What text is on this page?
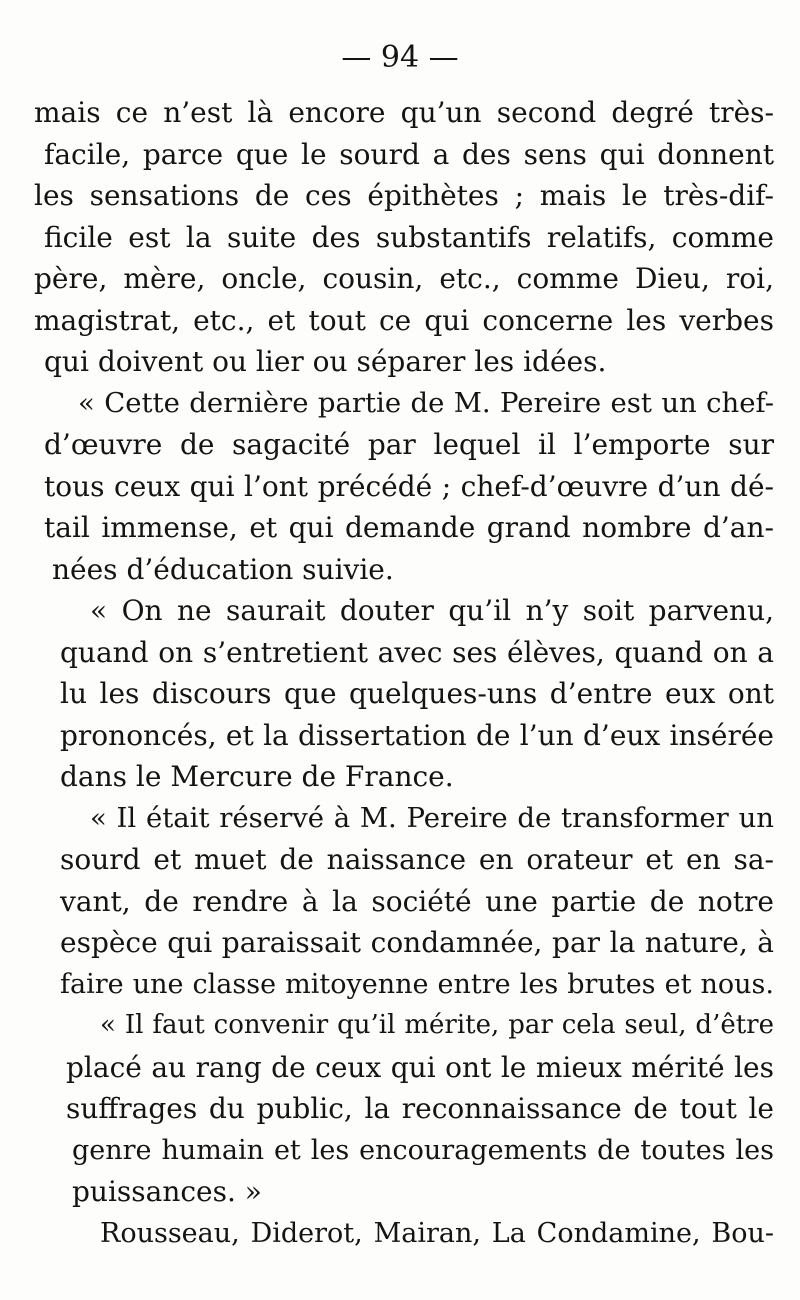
— 94 —
mais ce n’est là encore qu’un second degré très-
facile, parce que le sourd a des sens qui donnent
les sensations de ces épithètes ; mais le très-dif-
ficile est la suite des substantifs relatifs, comme
père, mère, oncle, cousin, etc., comme Dieu, roi,
magistrat, etc., et tout ce qui concerne les verbes
qui doivent ou lier ou séparer les idées.
« Cette dernière partie de M. Pereire est un chef-
d’œuvre de sagacité par lequel il l’emporte sur
tous ceux qui l’ont précédé ; chef-d’œuvre d’un dé-
tail immense, et qui demande grand nombre d’an-
nées d’éducation suivie.
« On ne saurait douter qu’il n’y soit parvenu,
quand on s’entretient avec ses élèves, quand on a
lu les discours que quelques-uns d’entre eux ont
prononcés, et la dissertation de l’un d’eux insérée
dans le Mercure de France.
« Il était réservé à M. Pereire de transformer un
sourd et muet de naissance en orateur et en sa-
vant, de rendre à la société une partie de notre
espèce qui paraissait condamnée, par la nature, à
faire une classe mitoyenne entre les brutes et nous.
« Il faut convenir qu’il mérite, par cela seul, d’être
placé au rang de ceux qui ont le mieux mérité les
suffrages du public, la reconnaissance de tout le
genre humain et les encouragements de toutes les
puissances. »
Rousseau, Diderot, Mairan, La Condamine, Bou-
